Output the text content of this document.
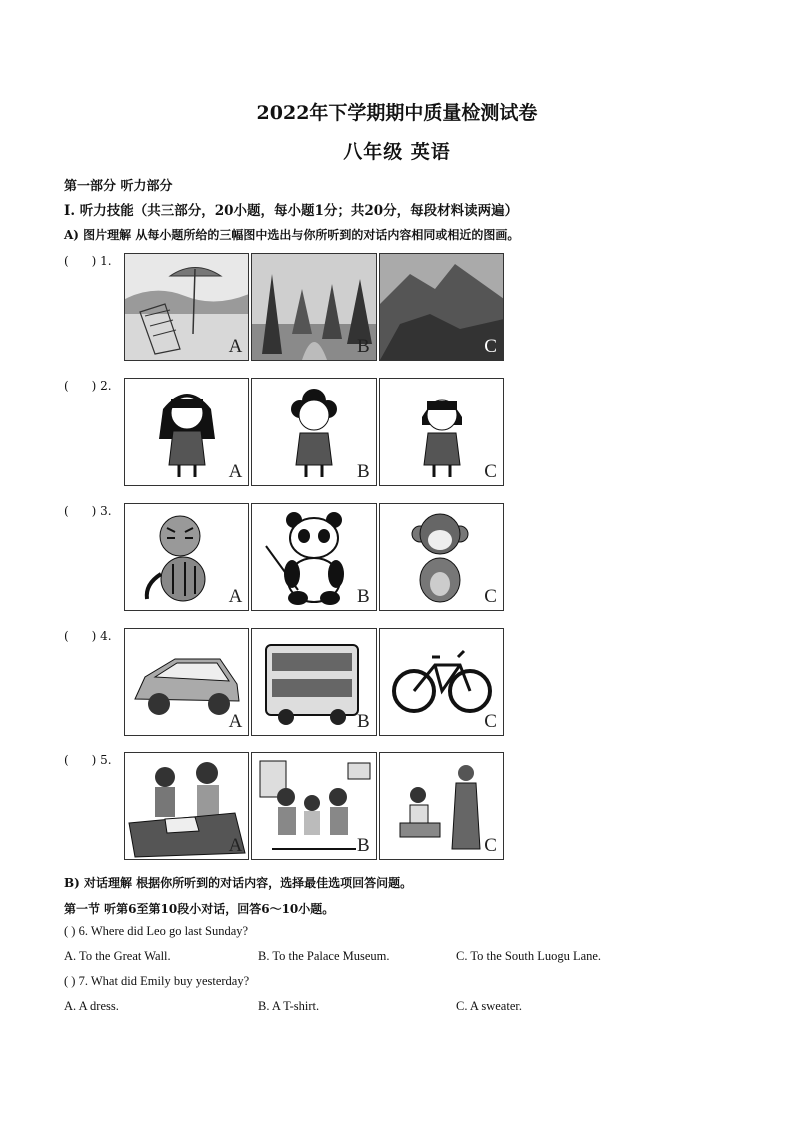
2022年下学期期中质量检测试卷
八年级 英语
第一部分 听力部分
Ⅰ. 听力技能（共三部分，20小题，每小题1分；共20分，每段材料读两遍）
A) 图片理解 从每小题所给的三幅图中选出与你所听到的对话内容相同或相近的图画。
(      ) 1.
A	B	C
(      ) 2.
A	B	C
(      ) 3.
A	B	C
(      ) 4.
A	B	C
(      ) 5.
A	B	C
B) 对话理解 根据你所听到的对话内容，选择最佳选项回答问题。
第一节 听第6至第10段小对话，回答6～10小题。
( ) 6. Where did Leo go last Sunday?
A. To the Great Wall.	B. To the Palace Museum.	C. To the South Luogu Lane.
( ) 7. What did Emily buy yesterday?
A. A dress.	B. A T-shirt.	C. A sweater.
